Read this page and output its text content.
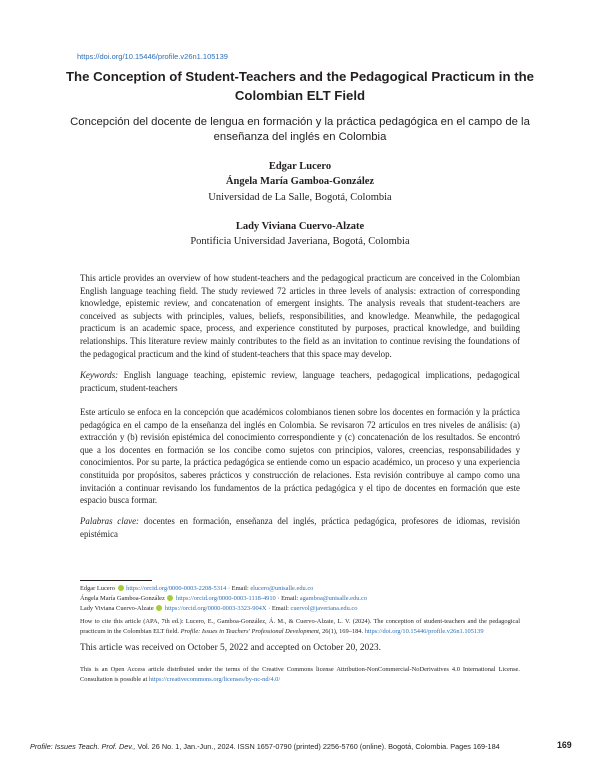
https://doi.org/10.15446/profile.v26n1.105139
The Conception of Student-Teachers and the Pedagogical Practicum in the Colombian ELT Field
Concepción del docente de lengua en formación y la práctica pedagógica en el campo de la enseñanza del inglés en Colombia
Edgar Lucero
Ángela María Gamboa-González
Universidad de La Salle, Bogotá, Colombia
Lady Viviana Cuervo-Alzate
Pontificia Universidad Javeriana, Bogotá, Colombia
This article provides an overview of how student-teachers and the pedagogical practicum are conceived in the Colombian English language teaching field. The study reviewed 72 articles in three levels of analysis: extraction of corresponding knowledge, epistemic review, and concatenation of emergent insights. The analysis reveals that student-teachers are conceived as subjects with principles, values, beliefs, responsibilities, and knowledge. Meanwhile, the pedagogical practicum is an academic space, process, and experience constituted by purposes, practical knowledge, and building relationships. This literature review mainly contributes to the field as an invitation to continue revising the foundations of the pedagogical practicum and the kind of student-teachers that this space may develop.
Keywords: English language teaching, epistemic review, language teachers, pedagogical implications, pedagogical practicum, student-teachers
Este artículo se enfoca en la concepción que académicos colombianos tienen sobre los docentes en formación y la práctica pedagógica en el campo de la enseñanza del inglés en Colombia. Se revisaron 72 artículos en tres niveles de análisis: (a) extracción y (b) revisión epistémica del conocimiento correspondiente y (c) concatenación de los resultados. Se encontró que a los docentes en formación se los concibe como sujetos con principios, valores, creencias, responsabilidades y conocimientos. Por su parte, la práctica pedagógica se entiende como un espacio académico, un proceso y una experiencia constituida por propósitos, saberes prácticos y construcción de relaciones. Esta revisión contribuye al campo como una invitación a continuar revisando los fundamentos de la práctica pedagógica y el tipo de docentes en formación que este espacio busca formar.
Palabras clave: docentes en formación, enseñanza del inglés, práctica pedagógica, profesores de idiomas, revisión epistémica
Edgar Lucero https://orcid.org/0000-0003-2208-5314 · Email: elucero@unisalle.edu.co
Ángela María Gamboa-González https://orcid.org/0000-0003-1118-4910 · Email: agamboa@unisalle.edu.co
Lady Viviana Cuervo-Alzate https://orcid.org/0000-0003-3323-904X · Email: cuervol@javeriana.edu.co
How to cite this article (APA, 7th ed.): Lucero, E., Gamboa-González, Á. M., & Cuervo-Alzate, L. V. (2024). The conception of student-teachers and the pedagogical practicum in the Colombian ELT field. Profile: Issues in Teachers' Professional Development, 26(1), 169–184. https://doi.org/10.15446/profile.v26n1.105139
This article was received on October 5, 2022 and accepted on October 20, 2023.
This is an Open Access article distributed under the terms of the Creative Commons license Attribution-NonCommercial-NoDerivatives 4.0 International License. Consultation is possible at https://creativecommons.org/licenses/by-nc-nd/4.0/
Profile: Issues Teach. Prof. Dev., Vol. 26 No. 1, Jan.-Jun., 2024. ISSN 1657-0790 (printed) 2256-5760 (online). Bogotá, Colombia. Pages 169-184	169
